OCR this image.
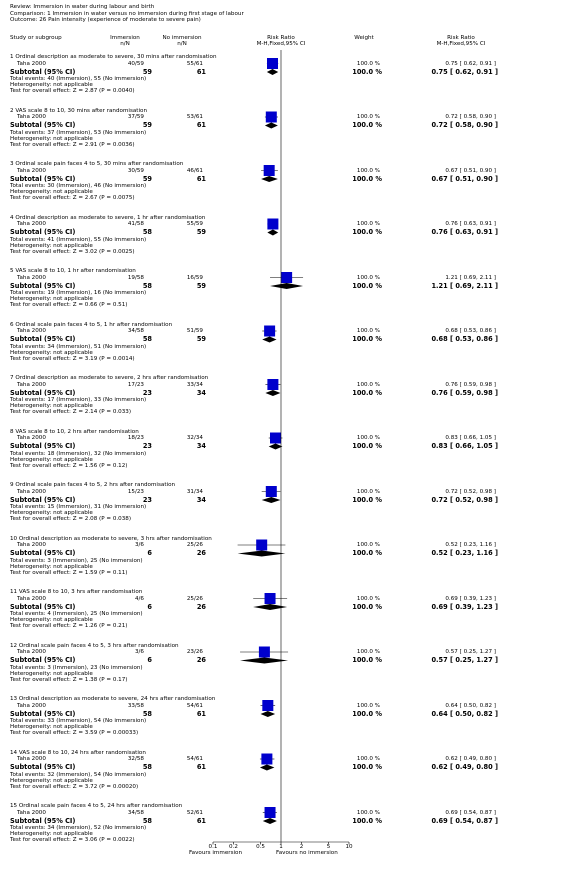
Review: Immersion in water during labour and birth
Comparison: 1 Immersion in water versus no immersion during first stage of labour
Outcome: 26 Pain intensity (experience of moderate to severe pain)
Study or subgroup	Immersion
n/N
No immersion
n/N
Risk Ratio
M-H,Fixed,95% CI
Weight	Risk Ratio
M-H,Fixed,95% CI
1 Ordinal description as moderate to severe, 30 mins after randomisation
Taha 2000	40/59	55/61	100.0 %	0.75 [ 0.62, 0.91 ]
Subtotal (95% CI)	59	61	100.0 %	0.75 [ 0.62, 0.91 ]
Total events: 40 (Immersion), 55 (No immersion)
Heterogeneity: not applicable
Test for overall effect: Z = 2.87 (P = 0.0040)
2 VAS scale 8 to 10, 30 mins after randomisation
Taha 2000	37/59	53/61	100.0 %	0.72 [ 0.58, 0.90 ]
Subtotal (95% CI)	59	61	100.0 %	0.72 [ 0.58, 0.90 ]
Total events: 37 (Immersion), 53 (No immersion)
Heterogeneity: not applicable
Test for overall effect: Z = 2.91 (P = 0.0036)
3 Ordinal scale pain faces 4 to 5, 30 mins after randomisation
Taha 2000	30/59	46/61	100.0 %	0.67 [ 0.51, 0.90 ]
Subtotal (95% CI)	59	61	100.0 %	0.67 [ 0.51, 0.90 ]
Total events: 30 (Immersion), 46 (No immersion)
Heterogeneity: not applicable
Test for overall effect: Z = 2.67 (P = 0.0075)
4 Ordinal description as moderate to severe, 1 hr after randomisation
Taha 2000	41/58	55/59	100.0 %	0.76 [ 0.63, 0.91 ]
Subtotal (95% CI)	58	59	100.0 %	0.76 [ 0.63, 0.91 ]
Total events: 41 (Immersion), 55 (No immersion)
Heterogeneity: not applicable
Test for overall effect: Z = 3.02 (P = 0.0025)
5 VAS scale 8 to 10, 1 hr after randomisation
Taha 2000	19/58	16/59	100.0 %	1.21 [ 0.69, 2.11 ]
Subtotal (95% CI)	58	59	100.0 %	1.21 [ 0.69, 2.11 ]
Total events: 19 (Immersion), 16 (No immersion)
Heterogeneity: not applicable
Test for overall effect: Z = 0.66 (P = 0.51)
6 Ordinal scale pain faces 4 to 5, 1 hr after randomisation
Taha 2000	34/58	51/59	100.0 %	0.68 [ 0.53, 0.86 ]
Subtotal (95% CI)	58	59	100.0 %	0.68 [ 0.53, 0.86 ]
Total events: 34 (Immersion), 51 (No immersion)
Heterogeneity: not applicable
Test for overall effect: Z = 3.19 (P = 0.0014)
7 Ordinal description as moderate to severe, 2 hrs after randomisation
Taha 2000	17/23	33/34	100.0 %	0.76 [ 0.59, 0.98 ]
Subtotal (95% CI)	23	34	100.0 %	0.76 [ 0.59, 0.98 ]
Total events: 17 (Immersion), 33 (No immersion)
Heterogeneity: not applicable
Test for overall effect: Z = 2.14 (P = 0.033)
8 VAS scale 8 to 10, 2 hrs after randomisation
Taha 2000	18/23	32/34	100.0 %	0.83 [ 0.66, 1.05 ]
Subtotal (95% CI)	23	34	100.0 %	0.83 [ 0.66, 1.05 ]
Total events: 18 (Immersion), 32 (No immersion)
Heterogeneity: not applicable
Test for overall effect: Z = 1.56 (P = 0.12)
9 Ordinal scale pain faces 4 to 5, 2 hrs after randomisation
Taha 2000	15/23	31/34	100.0 %	0.72 [ 0.52, 0.98 ]
Subtotal (95% CI)	23	34	100.0 %	0.72 [ 0.52, 0.98 ]
Total events: 15 (Immersion), 31 (No immersion)
Heterogeneity: not applicable
Test for overall effect: Z = 2.08 (P = 0.038)
10 Ordinal description as moderate to severe, 3 hrs after randomisation
Taha 2000	3/6	25/26	100.0 %	0.52 [ 0.23, 1.16 ]
Subtotal (95% CI)	6	26	100.0 %	0.52 [ 0.23, 1.16 ]
Total events: 3 (Immersion), 25 (No immersion)
Heterogeneity: not applicable
Test for overall effect: Z = 1.59 (P = 0.11)
11 VAS scale 8 to 10, 3 hrs after randomisation
Taha 2000	4/6	25/26	100.0 %	0.69 [ 0.39, 1.23 ]
Subtotal (95% CI)	6	26	100.0 %	0.69 [ 0.39, 1.23 ]
Total events: 4 (Immersion), 25 (No immersion)
Heterogeneity: not applicable
Test for overall effect: Z = 1.26 (P = 0.21)
12 Ordinal scale pain faces 4 to 5, 3 hrs after randomisation
Taha 2000	3/6	23/26	100.0 %	0.57 [ 0.25, 1.27 ]
Subtotal (95% CI)	6	26	100.0 %	0.57 [ 0.25, 1.27 ]
Total events: 3 (Immersion), 23 (No immersion)
Heterogeneity: not applicable
Test for overall effect: Z = 1.38 (P = 0.17)
13 Ordinal description as moderate to severe, 24 hrs after randomisation
Taha 2000	33/58	54/61	100.0 %	0.64 [ 0.50, 0.82 ]
Subtotal (95% CI)	58	61	100.0 %	0.64 [ 0.50, 0.82 ]
Total events: 33 (Immersion), 54 (No immersion)
Heterogeneity: not applicable
Test for overall effect: Z = 3.59 (P = 0.00033)
14 VAS scale 8 to 10, 24 hrs after randomisation
Taha 2000	32/58	54/61	100.0 %	0.62 [ 0.49, 0.80 ]
Subtotal (95% CI)	58	61	100.0 %	0.62 [ 0.49, 0.80 ]
Total events: 32 (Immersion), 54 (No immersion)
Heterogeneity: not applicable
Test for overall effect: Z = 3.72 (P = 0.00020)
15 Ordinal scale pain faces 4 to 5, 24 hrs after randomisation
Taha 2000	34/58	52/61	100.0 %	0.69 [ 0.54, 0.87 ]
Subtotal (95% CI)	58	61	100.0 %	0.69 [ 0.54, 0.87 ]
Total events: 34 (Immersion), 52 (No immersion)
Heterogeneity: not applicable
Test for overall effect: Z = 3.06 (P = 0.0022)
0.1	0.2	0.5	1	2	5	10
Favours immersion	Favours no immersion
